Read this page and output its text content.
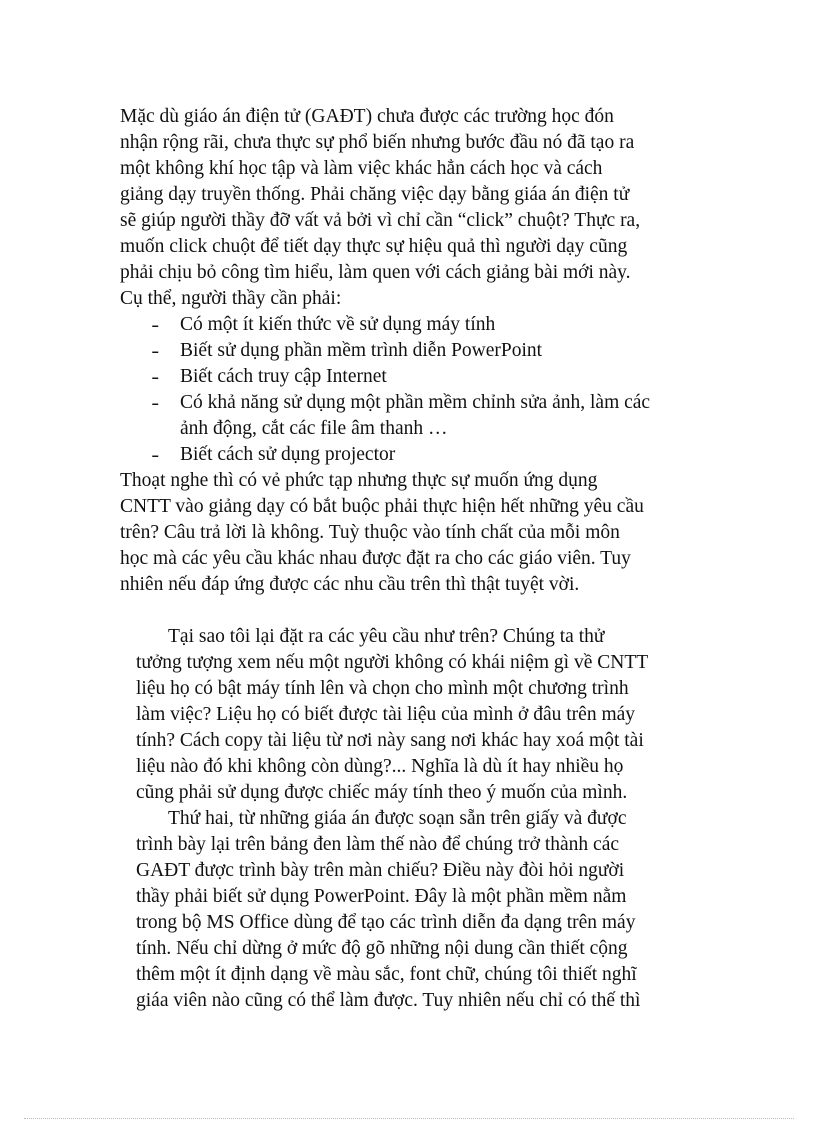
Mặc dù giáo án điện tử (GAĐT) chưa được các trường học đón
nhận rộng rãi, chưa thực sự phổ biến nhưng bước đầu nó đã tạo ra
một không khí học tập và làm việc khác hẳn cách học và cách
giảng dạy truyền thống. Phải chăng việc dạy bằng giáa án điện tử
sẽ giúp người thầy đỡ vất vả bởi vì chỉ cần “click” chuột? Thực ra,
muốn click chuột để tiết dạy thực sự hiệu quả thì người dạy cũng
phải chịu bỏ công tìm hiểu, làm quen với cách giảng bài mới này.
Cụ thể, người thầy cần phải:
˗ Có một ít kiến thức về sử dụng máy tính
˗ Biết sử dụng phần mềm trình diễn PowerPoint
˗ Biết cách truy cập Internet
˗ Có khả năng sử dụng một phần mềm chỉnh sửa ảnh, làm các
ảnh động, cắt các file âm thanh …
˗ Biết cách sử dụng projector
Thoạt nghe thì có vẻ phức tạp nhưng thực sự muốn ứng dụng
CNTT vào giảng dạy có bắt buộc phải thực hiện hết những yêu cầu
trên? Câu trả lời là không. Tuỳ thuộc vào tính chất của mỗi môn
học mà các yêu cầu khác nhau được đặt ra cho các giáo viên. Tuy
nhiên nếu đáp ứng được các nhu cầu trên thì thật tuyệt vời.
Tại sao tôi lại đặt ra các yêu cầu như trên? Chúng ta thử
tưởng tượng xem nếu một người không có khái niệm gì về CNTT
liệu họ có bật máy tính lên và chọn cho mình một chương trình
làm việc? Liệu họ có biết được tài liệu của mình ở đâu trên máy
tính? Cách copy tài liệu từ nơi này sang nơi khác hay xoá một tài
liệu nào đó khi không còn dùng?... Nghĩa là dù ít hay nhiều họ
cũng phải sử dụng được chiếc máy tính theo ý muốn của mình.
Thứ hai, từ những giáa án được soạn sẵn trên giấy và được
trình bày lại trên bảng đen làm thế nào để chúng trở thành các
GAĐT được trình bày trên màn chiếu? Điều này đòi hỏi người
thầy phải biết sử dụng PowerPoint. Đây là một phần mềm nằm
trong bộ MS Office dùng để tạo các trình diễn đa dạng trên máy
tính. Nếu chỉ dừng ở mức độ gõ những nội dung cần thiết cộng
thêm một ít định dạng về màu sắc, font chữ, chúng tôi thiết nghĩ
giáa viên nào cũng có thể làm được. Tuy nhiên nếu chỉ có thế thì
